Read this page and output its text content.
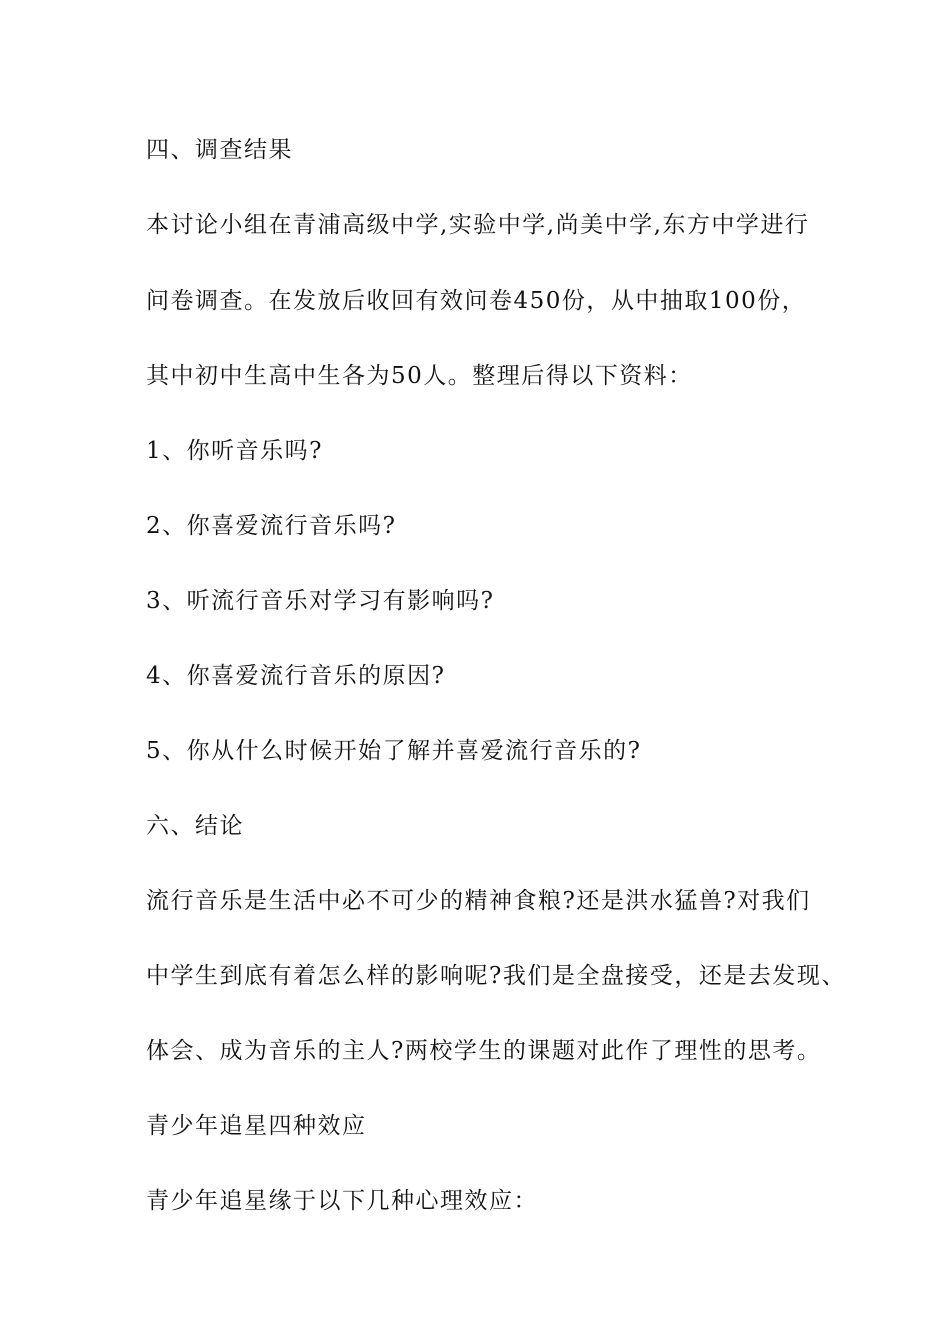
四、调查结果
本讨论小组在青浦高级中学,实验中学,尚美中学,东方中学进行
问卷调查。在发放后收回有效问卷450份，从中抽取100份，
其中初中生高中生各为50人。整理后得以下资料：
1、你听音乐吗?
2、你喜爱流行音乐吗?
3、听流行音乐对学习有影响吗?
4、你喜爱流行音乐的原因?
5、你从什么时候开始了解并喜爱流行音乐的?
六、结论
流行音乐是生活中必不可少的精神食粮?还是洪水猛兽?对我们
中学生到底有着怎么样的影响呢?我们是全盘接受，还是去发现、
体会、成为音乐的主人?两校学生的课题对此作了理性的思考。
青少年追星四种效应
青少年追星缘于以下几种心理效应：
